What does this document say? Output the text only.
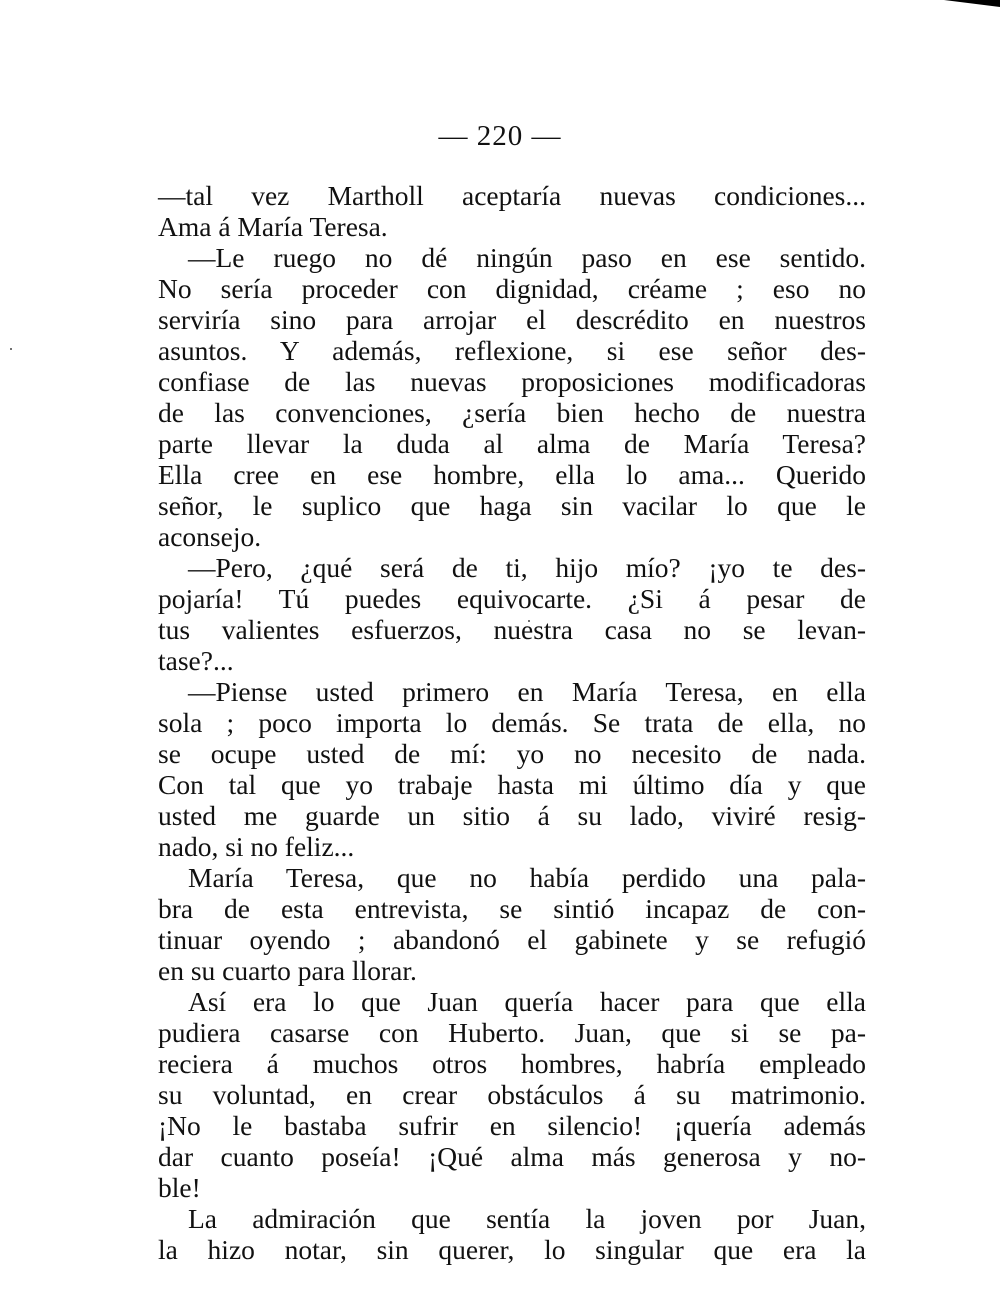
— 220 —
—tal vez Martholl aceptaría nuevas condiciones...
Ama á María Teresa.
—Le ruego no dé ningún paso en ese sentido.
No sería proceder con dignidad, créame ; eso no
serviría sino para arrojar el descrédito en nuestros
asuntos. Y además, reflexione, si ese señor des-
confiase de las nuevas proposiciones modificadoras
de las convenciones, ¿sería bien hecho de nuestra
parte llevar la duda al alma de María Teresa?
Ella cree en ese hombre, ella lo ama... Querido
señor, le suplico que haga sin vacilar lo que le
aconsejo.
—Pero, ¿qué será de ti, hijo mío? ¡yo te des-
pojaría! Tú puedes equivocarte. ¿Si á pesar de
tus valientes esfuerzos, nuestra casa no se levan-
tase?...
—Piense usted primero en María Teresa, en ella
sola ; poco importa lo demás. Se trata de ella, no
se ocupe usted de mí: yo no necesito de nada.
Con tal que yo trabaje hasta mi último día y que
usted me guarde un sitio á su lado, viviré resig-
nado, si no feliz...
María Teresa, que no había perdido una pala-
bra de esta entrevista, se sintió incapaz de con-
tinuar oyendo ; abandonó el gabinete y se refugió
en su cuarto para llorar.
Así era lo que Juan quería hacer para que ella
pudiera casarse con Huberto. Juan, que si se pa-
reciera á muchos otros hombres, habría empleado
su voluntad, en crear obstáculos á su matrimonio.
¡No le bastaba sufrir en silencio! ¡quería además
dar cuanto poseía! ¡Qué alma más generosa y no-
ble!
La admiración que sentía la joven por Juan,
la hizo notar, sin querer, lo singular que era la
